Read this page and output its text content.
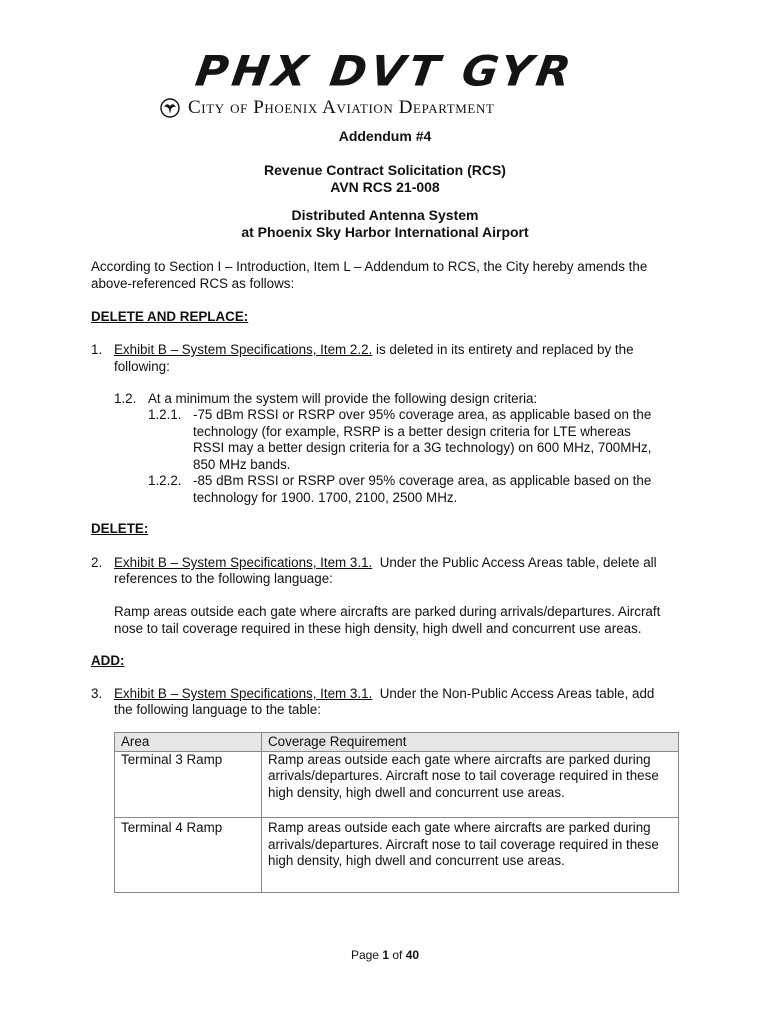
PHX DVT GYR
City of Phoenix Aviation Department
Addendum #4
Revenue Contract Solicitation (RCS)
AVN RCS 21-008
Distributed Antenna System
at Phoenix Sky Harbor International Airport
According to Section I – Introduction, Item L – Addendum to RCS, the City hereby amends the
above-referenced RCS as follows:
DELETE AND REPLACE:
1. Exhibit B – System Specifications, Item 2.2. is deleted in its entirety and replaced by the
following:
1.2. At a minimum the system will provide the following design criteria:
1.2.1. -75 dBm RSSI or RSRP over 95% coverage area, as applicable based on the
technology (for example, RSRP is a better design criteria for LTE whereas
RSSI may a better design criteria for a 3G technology) on 600 MHz, 700MHz,
850 MHz bands.
1.2.2. -85 dBm RSSI or RSRP over 95% coverage area, as applicable based on the
technology for 1900. 1700, 2100, 2500 MHz.
DELETE:
2. Exhibit B – System Specifications, Item 3.1.  Under the Public Access Areas table, delete all
references to the following language:
Ramp areas outside each gate where aircrafts are parked during arrivals/departures. Aircraft
nose to tail coverage required in these high density, high dwell and concurrent use areas.
ADD:
3. Exhibit B – System Specifications, Item 3.1.  Under the Non-Public Access Areas table, add
the following language to the table:
Area	Coverage Requirement
Terminal 3 Ramp	Ramp areas outside each gate where aircrafts are parked during arrivals/departures. Aircraft nose to tail coverage required in these high density, high dwell and concurrent use areas.
Terminal 4 Ramp	Ramp areas outside each gate where aircrafts are parked during arrivals/departures. Aircraft nose to tail coverage required in these high density, high dwell and concurrent use areas.
Page 1 of 40
